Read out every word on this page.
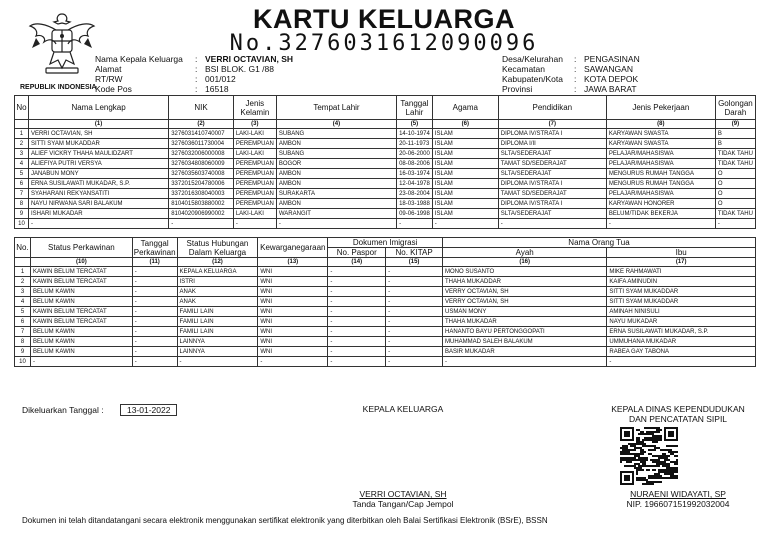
REPUBLIK INDONESIA
KARTU KELUARGA
No.3276031612090096
Nama Kepala Keluarga	: VERRI OCTAVIAN, SH
Alamat	: BSI BLOK. G1 /88
RT/RW	: 001/012
Kode Pos	: 16518
Desa/Kelurahan	: PENGASINAN
Kecamatan	: SAWANGAN
Kabupaten/Kota	: KOTA DEPOK
Provinsi	: JAWA BARAT
No	Nama Lengkap	NIK	Jenis Kelamin	Tempat Lahir	Tanggal Lahir	Agama	Pendidikan	Jenis Pekerjaan	Golongan Darah
	(1)	(2)	(3)	(4)	(5)	(6)	(7)	(8)	(9)
1	VERRI OCTAVIAN, SH	3276031410740007	LAKI-LAKI	SUBANG	14-10-1974	ISLAM	DIPLOMA IV/STRATA I	KARYAWAN SWASTA	B
2	SITTI SYAM MUKADDAR	3276036011730004	PEREMPUAN	AMBON	20-11-1973	ISLAM	DIPLOMA I/II	KARYAWAN SWASTA	B
3	ALIEF VICKRY THAHA MAULIDZART	3276032006000008	LAKI-LAKI	SUBANG	20-06-2000	ISLAM	SLTA/SEDERAJAT	PELAJAR/MAHASISWA	TIDAK TAHU
4	ALIEFIYA PUTRI VERSYA	3276034808060009	PEREMPUAN	BOGOR	08-08-2006	ISLAM	TAMAT SD/SEDERAJAT	PELAJAR/MAHASISWA	TIDAK TAHU
5	JANABUN MONY	3276035603740008	PEREMPUAN	AMBON	16-03-1974	ISLAM	SLTA/SEDERAJAT	MENGURUS RUMAH TANGGA	O
6	ERNA SUSILAWATI MUKADAR, S.P.	3372015204780006	PEREMPUAN	AMBON	12-04-1978	ISLAM	DIPLOMA IV/STRATA I	MENGURUS RUMAH TANGGA	O
7	SYAHARANI REKYANSATITI	3372016308040003	PEREMPUAN	SURAKARTA	23-08-2004	ISLAM	TAMAT SD/SEDERAJAT	PELAJAR/MAHASISWA	O
8	NAYU NIRWANA SARI BALAKUM	8104015803880002	PEREMPUAN	AMBON	18-03-1988	ISLAM	DIPLOMA IV/STRATA I	KARYAWAN HONORER	O
9	ISHARI MUKADAR	8104020906990002	LAKI-LAKI	WARANGIT	09-06-1998	ISLAM	SLTA/SEDERAJAT	BELUM/TIDAK BEKERJA	TIDAK TAHU
10	-	-	-	-	-	-	-	-	-
No.	Status Perkawinan	Tanggal Perkawinan	Status Hubungan Dalam Keluarga	Kewarganegaraan	Dokumen Imigrasi		Nama Orang Tua	
					No. Paspor	No. KITAP	Ayah	Ibu
	(10)	(11)	(12)	(13)	(14)	(15)	(16)	(17)
1	KAWIN BELUM TERCATAT	-	KEPALA KELUARGA	WNI	-	-	MONO SUSANTO	MIKE RAHMAWATI
2	KAWIN BELUM TERCATAT	-	ISTRI	WNI	-	-	THAHA MUKADDAR	KAIFA AMINUDIN
3	BELUM KAWIN	-	ANAK	WNI	-	-	VERRY OCTAVIAN, SH	SITTI SYAM MUKADDAR
4	BELUM KAWIN	-	ANAK	WNI	-	-	VERRY OCTAVIAN, SH	SITTI SYAM MUKADDAR
5	KAWIN BELUM TERCATAT	-	FAMILI LAIN	WNI	-	-	USMAN MONY	AMINAH NINISULI
6	KAWIN BELUM TERCATAT	-	FAMILI LAIN	WNI	-	-	THAHA MUKADAR	NAYU MUKADAR
7	BELUM KAWIN	-	FAMILI LAIN	WNI	-	-	HANANTO BAYU PERTONGGOPATI	ERNA SUSILAWATI MUKADAR, S.P.
8	BELUM KAWIN	-	LAINNYA	WNI	-	-	MUHAMMAD SALEH BALAKUM	UMMUHANA MUKADAR
9	BELUM KAWIN	-	LAINNYA	WNI	-	-	BASIR MUKADAR	RABEA GAY TABONA
10	-	-	-	-	-	-	-	-
Dikeluarkan Tanggal :	13-01-2022	KEPALA KELUARGA
VERRI OCTAVIAN, SH
Tanda Tangan/Cap Jempol
KEPALA DINAS KEPENDUDUKAN
DAN PENCATATAN SIPIL
NURAENI WIDAYATI, SP
NIP. 196607151992032004
Dokumen ini telah ditandatangani secara elektronik menggunakan sertifikat elektronik yang diterbitkan oleh Balai Sertifikasi Elektronik (BSrE), BSSN
